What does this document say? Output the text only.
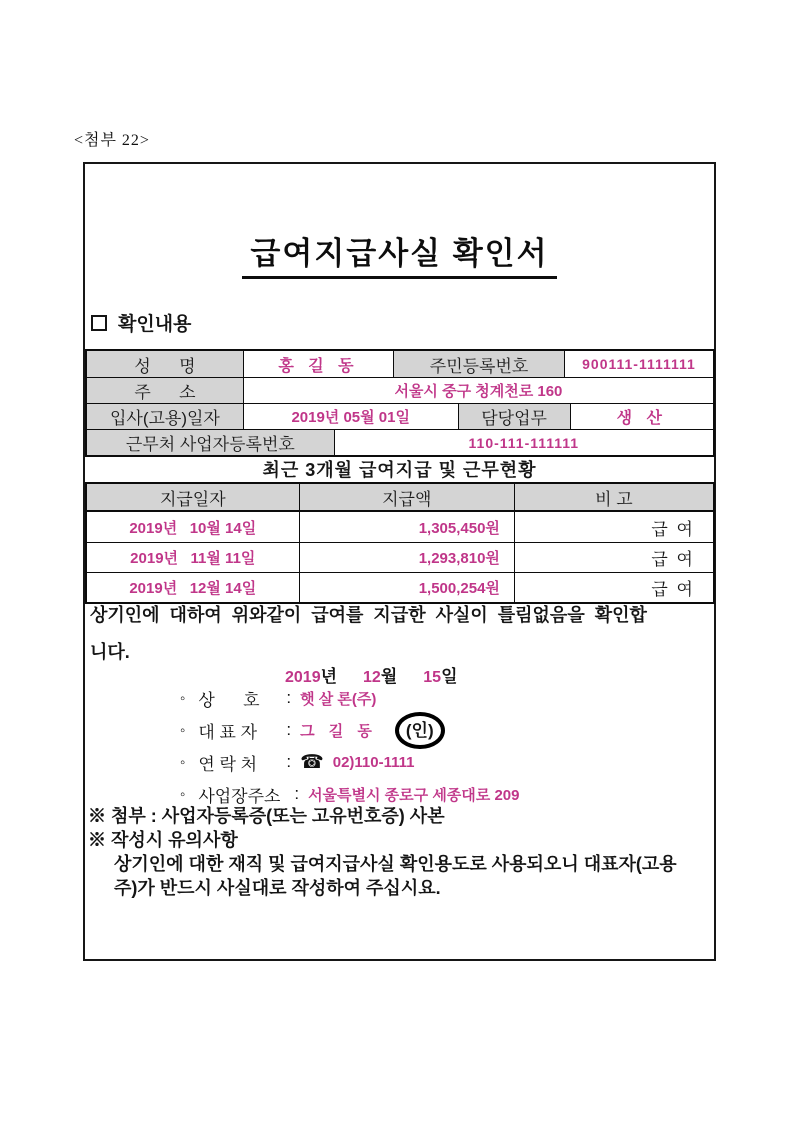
<첨부 22>
급여지급사실 확인서
확인내용
성      명	홍 길 동	주민등록번호	900111-1111111
주      소	서울시 중구 청계천로 160
입사(고용)일자	2019년 05월 01일	담당업무	생 산
근무처 사업자등록번호	110-111-111111
최근 3개월 급여지급 및 근무현황
지급일자	지급액	비 고
2019년   10월 14일	1,305,450원	급 여
2019년   11월 11일	1,293,810원	급 여
2019년   12월 14일	1,500,254원	급 여
상기인에 대하여 위와같이 급여를 지급한 사실이 틀림없음을 확인합
니다.
2019 년 12 월 15 일
◦ 상      호	: 햇 살 론(주)
◦ 대 표 자	: 그 길 동	(인)
◦ 연 락 처	: ☎ 02)110-1111
◦ 사업장주소 : 서울특별시 종로구 세종대로 209
※ 첨부 : 사업자등록증(또는 고유번호증) 사본
※ 작성시 유의사항
상기인에 대한 재직 및 급여지급사실 확인용도로 사용되오니 대표자(고용
주)가 반드시 사실대로 작성하여 주십시요.
